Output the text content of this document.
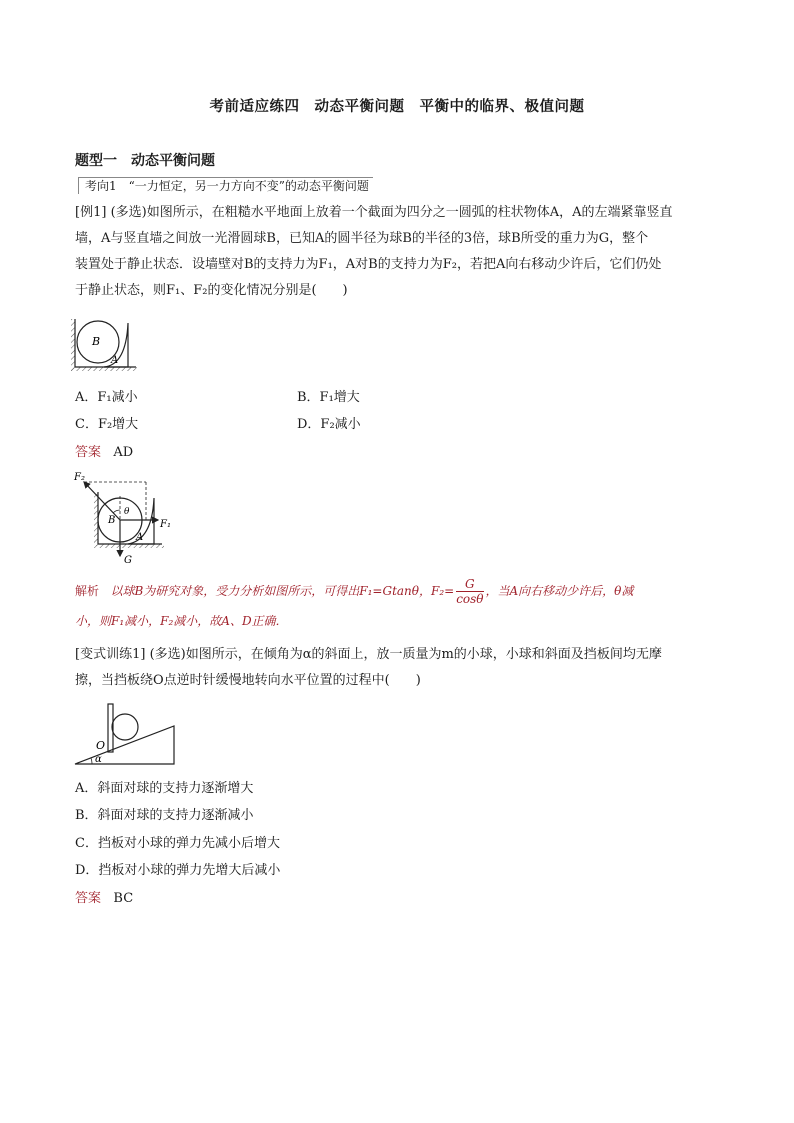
考前适应练四　动态平衡问题　平衡中的临界、极值问题
题型一　动态平衡问题
考向1　“一力恒定，另一力方向不变”的动态平衡问题
[例1] (多选)如图所示，在粗糙水平地面上放着一个截面为四分之一圆弧的柱状物体A，A的左端紧靠竖直
墙，A与竖直墙之间放一光滑圆球B，已知A的圆半径为球B的半径的3倍，球B所受的重力为G，整个
装置处于静止状态．设墙壁对B的支持力为F₁，A对B的支持力为F₂，若把A向右移动少许后，它们仍处
于静止状态，则F₁、F₂的变化情况分别是(　　)
B
A
A．F₁减小	B．F₁增大
C．F₂增大	D．F₂减小
答案 AD
F₂
F₁
θ
B
A
G
解析 以球B为研究对象，受力分析如图所示，可得出F₁=Gtanθ，$F_2= \frac{G}{\cos\theta}$ ，当A向右移动少许后，θ减
小，则F₁减小，F₂减小，故A、D正确．
[变式训练1] (多选)如图所示，在倾角为α的斜面上，放一质量为m的小球，小球和斜面及挡板间均无摩
擦，当挡板绕O点逆时针缓慢地转向水平位置的过程中(　　)
O
α
A．斜面对球的支持力逐渐增大
B．斜面对球的支持力逐渐减小
C．挡板对小球的弹力先减小后增大
D．挡板对小球的弹力先增大后减小
答案 BC
